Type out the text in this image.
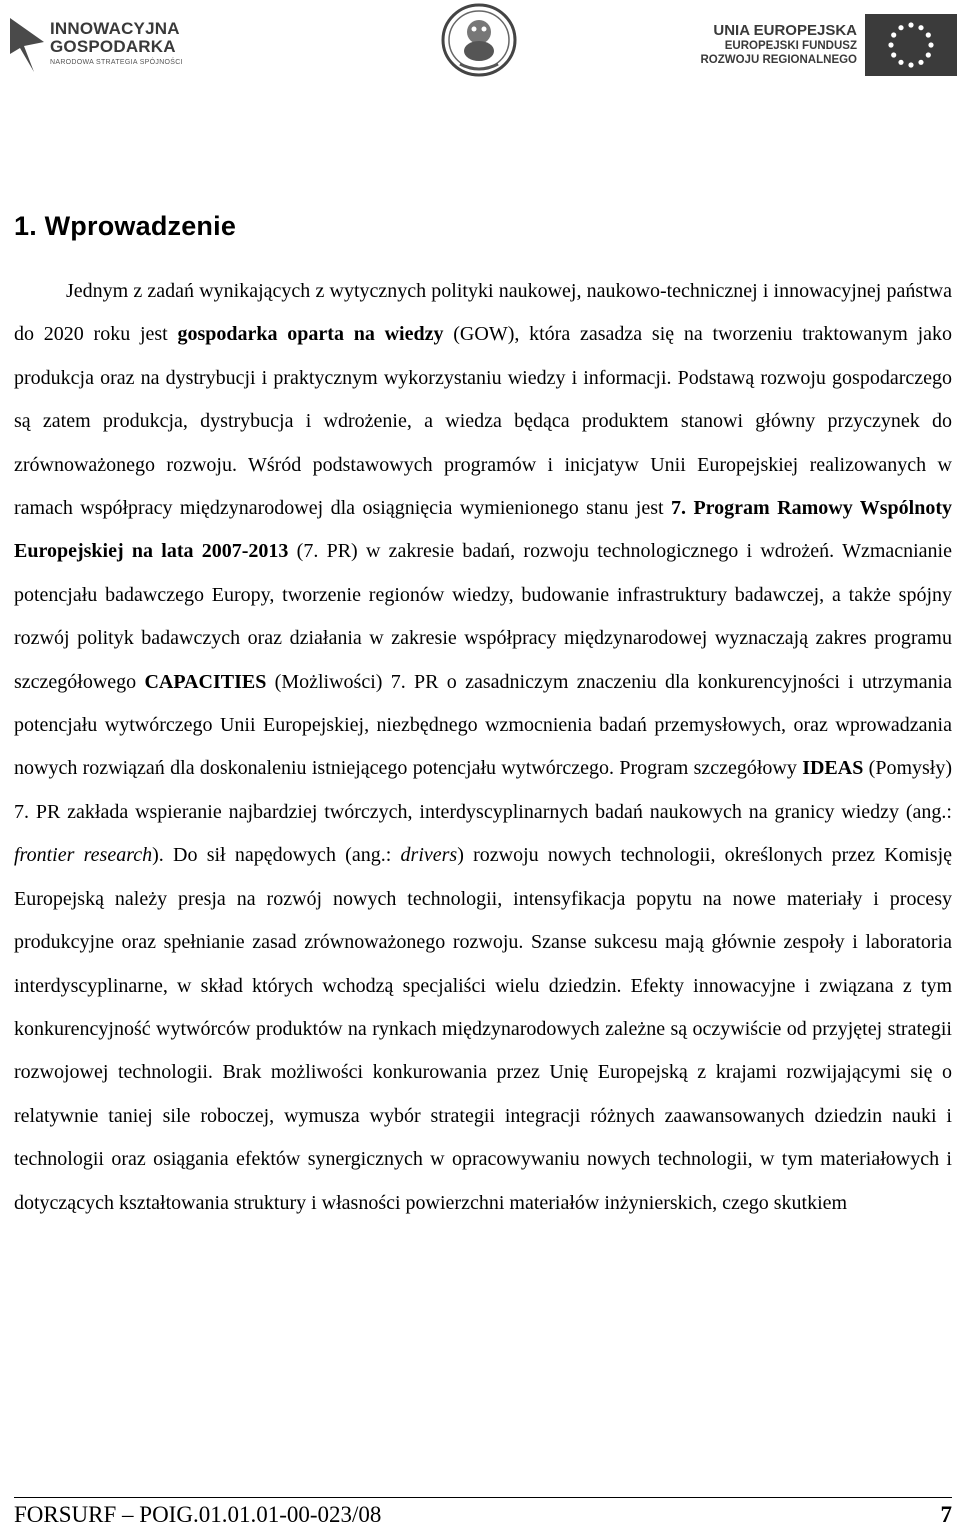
INNOWACYJNA
GOSPODARKA
NARODOWA STRATEGIA SPÓJNOŚCI
UNIA EUROPEJSKA
EUROPEJSKI FUNDUSZ
ROZWOJU REGIONALNEGO
1. Wprowadzenie

Jednym z zadań wynikających z wytycznych polityki naukowej, naukowo-technicznej i innowacyjnej państwa do 2020 roku jest gospodarka oparta na wiedzy (GOW), która zasadza się na tworzeniu traktowanym jako produkcja oraz na dystrybucji i praktycznym wykorzystaniu wiedzy i informacji. Podstawą rozwoju gospodarczego są zatem produkcja, dystrybucja i wdrożenie, a wiedza będąca produktem stanowi główny przyczynek do zrównoważonego rozwoju. Wśród podstawowych programów i inicjatyw Unii Europejskiej realizowanych w ramach współpracy międzynarodowej dla osiągnięcia wymienionego stanu jest 7. Program Ramowy Wspólnoty Europejskiej na lata 2007-2013 (7. PR) w zakresie badań, rozwoju technologicznego i wdrożeń. Wzmacnianie potencjału badawczego Europy, tworzenie regionów wiedzy, budowanie infrastruktury badawczej, a także spójny rozwój polityk badawczych oraz działania w zakresie współpracy międzynarodowej wyznaczają zakres programu szczegółowego CAPACITIES (Możliwości) 7. PR o zasadniczym znaczeniu dla konkurencyjności i utrzymania potencjału wytwórczego Unii Europejskiej, niezbędnego wzmocnienia badań przemysłowych, oraz wprowadzania nowych rozwiązań dla doskonaleniu istniejącego potencjału wytwórczego. Program szczegółowy IDEAS (Pomysły) 7. PR zakłada wspieranie najbardziej twórczych, interdyscyplinarnych badań naukowych na granicy wiedzy (ang.: frontier research). Do sił napędowych (ang.: drivers) rozwoju nowych technologii, określonych przez Komisję Europejską należy presja na rozwój nowych technologii, intensyfikacja popytu na nowe materiały i procesy produkcyjne oraz spełnianie zasad zrównoważonego rozwoju. Szanse sukcesu mają głównie zespoły i laboratoria interdyscyplinarne, w skład których wchodzą specjaliści wielu dziedzin. Efekty innowacyjne i związana z tym konkurencyjność wytwórców produktów na rynkach międzynarodowych zależne są oczywiście od przyjętej strategii rozwojowej technologii. Brak możliwości konkurowania przez Unię Europejską z krajami rozwijającymi się o relatywnie taniej sile roboczej, wymusza wybór strategii integracji różnych zaawansowanych dziedzin nauki i technologii oraz osiągania efektów synergicznych w opracowywaniu nowych technologii, w tym materiałowych i dotyczących kształtowania struktury i własności powierzchni materiałów inżynierskich, czego skutkiem

FORSURF – POIG.01.01.01-00-023/08	7
